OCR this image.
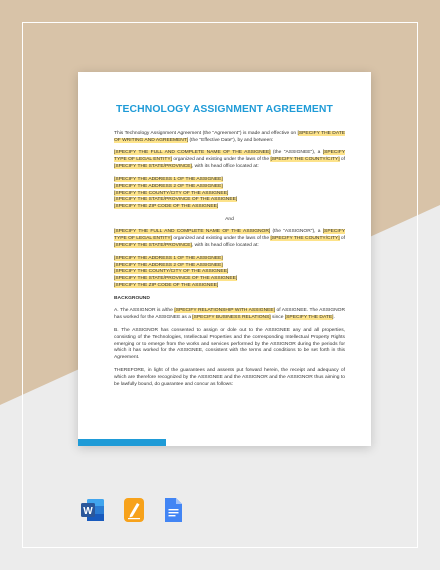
TECHNOLOGY ASSIGNMENT AGREEMENT

This Technology Assignment Agreement (the "Agreement") is made and effective on [SPECIFY THE DATE OF WRITING AND AGREEMENT] (the "Effective Date"), by and between:

[SPECIFY THE FULL AND COMPLETE NAME OF THE ASSIGNEE] (the "ASSIGNEE"), a [SPECIFY TYPE OF LEGAL ENTITY] organized and existing under the laws of the [SPECIFY THE COUNTY/CITY] of [SPECIFY THE STATE/PROVINCE], with its head office located at:

[SPECIFY THE ADDRESS 1 OF THE ASSIGNEE]
[SPECIFY THE ADDRESS 2 OF THE ASSIGNEE]
[SPECIFY THE COUNTY/CITY OF THE ASSIGNEE]
[SPECIFY THE STATE/PROVINCE OF THE ASSIGNEE]
[SPECIFY THE ZIP CODE OF THE ASSIGNEE]

And

[SPECIFY THE FULL AND COMPLETE NAME OF THE ASSIGNOR] (the "ASSIGNOR"), a [SPECIFY TYPE OF LEGAL ENTITY] organized and existing under the laws of the [SPECIFY THE COUNTY/CITY] of [SPECIFY THE STATE/PROVINCE], with its head office located at:

[SPECIFY THE ADDRESS 1 OF THE ASSIGNEE]
[SPECIFY THE ADDRESS 2 OF THE ASSIGNEE]
[SPECIFY THE COUNTY/CITY OF THE ASSIGNEE]
[SPECIFY THE STATE/PROVINCE OF THE ASSIGNEE]
[SPECIFY THE ZIP CODE OF THE ASSIGNEE]

BACKGROUND

A. The ASSIGNOR is a/the [SPECIFY RELATIONSHIP WITH ASSIGNEE] of ASSIGNEE. The ASSIGNOR has worked for the ASSIGNEE as a [SPECIFY BUSINESS RELATIONS] since [SPECIFY THE DATE].

B. The ASSIGNOR has consented to assign or dole out to the ASSIGNEE any and all properties, consisting of the Technologies, Intellectual Properties and the corresponding Intellectual Property Rights emerging or to emerge from the works and services performed by the ASSIGNOR during the periods for which it has worked for the ASSIGNEE, consistent with the terms and conditions to be set forth in this Agreement.

THEREFORE, in light of the guarantees and assents put forward herein, the receipt and adequacy of which are therefore recognized by the ASSIGNEE and the ASSIGNOR and the ASSIGNOR thus aiming to be lawfully bound, do guarantee and concur as follows:

W
